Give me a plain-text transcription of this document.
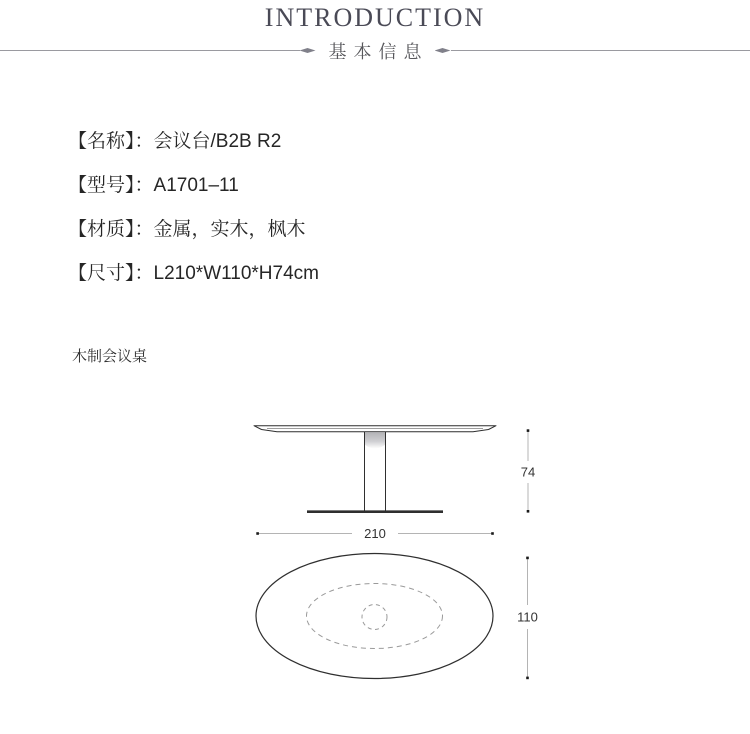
INTRODUCTION
基本信息
【名称】：会议台/B2B R2
【型号】：A1701–11
【材质】：金属，实木，枫木
【尺寸】：L210*W110*H74cm
木制会议桌
74
210
110
